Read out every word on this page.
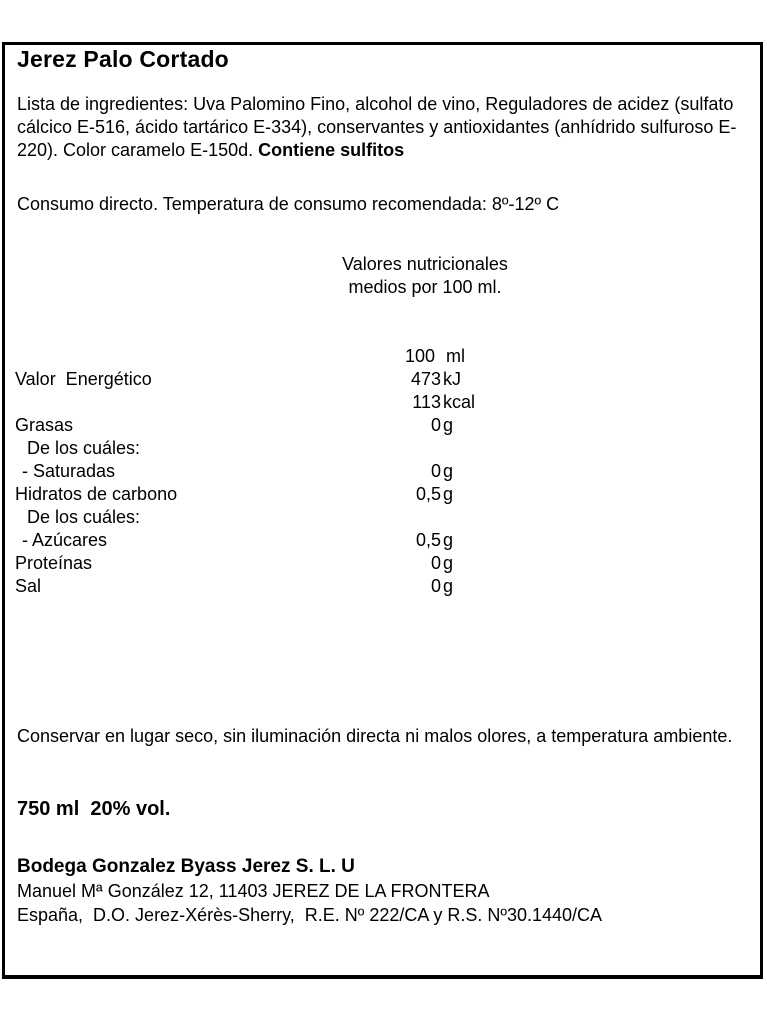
Jerez Palo Cortado

Lista de ingredientes: Uva Palomino Fino, alcohol de vino, Reguladores de acidez (sulfato cálcico E-516, ácido tartárico E-334), conservantes y antioxidantes (anhídrido sulfuroso E-220). Color caramelo E-150d. Contiene sulfitos

Consumo directo. Temperatura de consumo recomendada: 8º-12º C
Valores nutricionales
medios por 100 ml.
100 ml
Valor  Energético	473 kJ
113 kcal
Grasas	0 g
De los cuáles:
- Saturadas	0 g
Hidratos de carbono	0,5 g
De los cuáles:
- Azúcares	0,5 g
Proteínas	0 g
Sal	0 g
Conservar en lugar seco, sin iluminación directa ni malos olores, a temperatura ambiente.
750 ml  20% vol.
Bodega Gonzalez Byass Jerez S. L. U
Manuel Mª González 12, 11403 JEREZ DE LA FRONTERA
España,  D.O. Jerez-Xérès-Sherry,  R.E. Nº 222/CA y R.S. Nº30.1440/CA
